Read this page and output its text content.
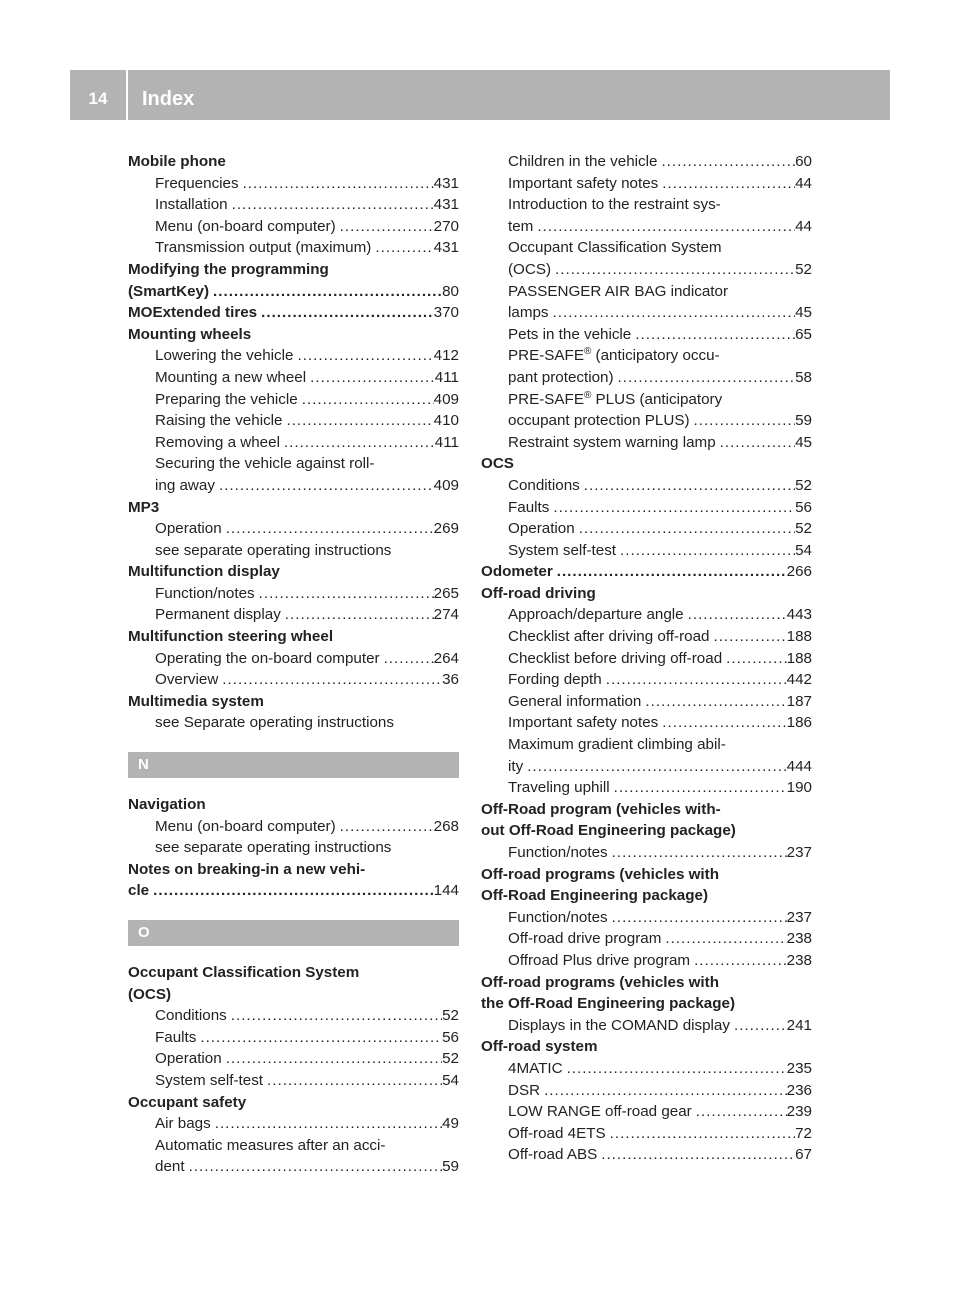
14	Index
Mobile phone
Frequencies .....	431
Installation .....	431
Menu (on-board computer) .....	270
Transmission output (maximum) .....	431
Modifying the programming
(SmartKey) .....	80
MOExtended tires .....	370
Mounting wheels
Lowering the vehicle .....	412
Mounting a new wheel .....	411
Preparing the vehicle .....	409
Raising the vehicle .....	410
Removing a wheel .....	411
Securing the vehicle against roll-
ing away .....	409
MP3
Operation .....	269
see separate operating instructions
Multifunction display
Function/notes .....	265
Permanent display .....	274
Multifunction steering wheel
Operating the on-board computer .....	264
Overview .....	36
Multimedia system
see Separate operating instructions
N
Navigation
Menu (on-board computer) .....	268
see separate operating instructions
Notes on breaking-in a new vehi-
cle .....	144
O
Occupant Classification System
(OCS)
Conditions .....	52
Faults .....	56
Operation .....	52
System self-test .....	54
Occupant safety
Air bags .....	49
Automatic measures after an acci-
dent .....	59
Children in the vehicle .....	60
Important safety notes .....	44
Introduction to the restraint sys-
tem .....	44
Occupant Classification System
(OCS) .....	52
PASSENGER AIR BAG indicator
lamps .....	45
Pets in the vehicle .....	65
PRE-SAFE® (anticipatory occu-
pant protection) .....	58
PRE-SAFE® PLUS (anticipatory
occupant protection PLUS) .....	59
Restraint system warning lamp .....	45
OCS
Conditions .....	52
Faults .....	56
Operation .....	52
System self-test .....	54
Odometer .....	266
Off-road driving
Approach/departure angle .....	443
Checklist after driving off-road .....	188
Checklist before driving off-road .....	188
Fording depth .....	442
General information .....	187
Important safety notes .....	186
Maximum gradient climbing abil-
ity .....	444
Traveling uphill .....	190
Off-Road program (vehicles with-
out Off-Road Engineering package)
Function/notes .....	237
Off-road programs (vehicles with
Off-Road Engineering package)
Function/notes .....	237
Off-road drive program .....	238
Offroad Plus drive program .....	238
Off-road programs (vehicles with
the Off-Road Engineering package)
Displays in the COMAND display .....	241
Off-road system
4MATIC .....	235
DSR .....	236
LOW RANGE off-road gear .....	239
Off-road 4ETS .....	72
Off-road ABS .....	67
